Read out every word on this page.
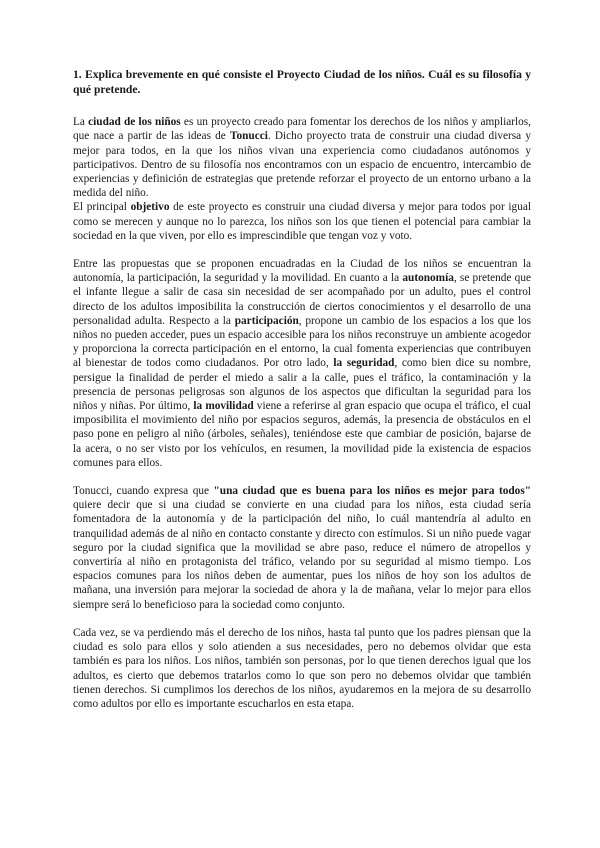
1. Explica brevemente en qué consiste el Proyecto Ciudad de los niños. Cuál es su filosofía y qué pretende.

La ciudad de los niños es un proyecto creado para fomentar los derechos de los niños y ampliarlos, que nace a partir de las ideas de Tonucci. Dicho proyecto trata de construir una ciudad diversa y mejor para todos, en la que los niños vivan una experiencia como ciudadanos autónomos y participativos. Dentro de su filosofía nos encontramos con un espacio de encuentro, intercambio de experiencias y definición de estrategias que pretende reforzar el proyecto de un entorno urbano a la medida del niño.

El principal objetivo de este proyecto es construir una ciudad diversa y mejor para todos por igual como se merecen y aunque no lo parezca, los niños son los que tienen el potencial para cambiar la sociedad en la que viven, por ello es imprescindible que tengan voz y voto.

Entre las propuestas que se proponen encuadradas en la Ciudad de los niños se encuentran la autonomía, la participación, la seguridad y la movilidad. En cuanto a la autonomía, se pretende que el infante llegue a salir de casa sin necesidad de ser acompañado por un adulto, pues el control directo de los adultos imposibilita la construcción de ciertos conocimientos y el desarrollo de una personalidad adulta. Respecto a la participación, propone un cambio de los espacios a los que los niños no pueden acceder, pues un espacio accesible para los niños reconstruye un ambiente acogedor y proporciona la correcta participación en el entorno, la cual fomenta experiencias que contribuyen al bienestar de todos como ciudadanos. Por otro lado, la seguridad, como bien dice su nombre, persigue la finalidad de perder el miedo a salir a la calle, pues el tráfico, la contaminación y la presencia de personas peligrosas son algunos de los aspectos que dificultan la seguridad para los niños y niñas. Por último, la movilidad viene a referirse al gran espacio que ocupa el tráfico, el cual imposibilita el movimiento del niño por espacios seguros, además, la presencia de obstáculos en el paso pone en peligro al niño (árboles, señales), teniéndose este que cambiar de posición, bajarse de la acera, o no ser visto por los vehículos, en resumen, la movilidad pide la existencia de espacios comunes para ellos.

Tonucci, cuando expresa que "una ciudad que es buena para los niños es mejor para todos" quiere decir que si una ciudad se convierte en una ciudad para los niños, esta ciudad sería fomentadora de la autonomía y de la participación del niño, lo cuál mantendría al adulto en tranquilidad además de al niño en contacto constante y directo con estímulos. Si un niño puede vagar seguro por la ciudad significa que la movilidad se abre paso, reduce el número de atropellos y convertiría al niño en protagonista del tráfico, velando por su seguridad al mismo tiempo. Los espacios comunes para los niños deben de aumentar, pues los niños de hoy son los adultos de mañana, una inversión para mejorar la sociedad de ahora y la de mañana, velar lo mejor para ellos siempre será lo beneficioso para la sociedad como conjunto.

Cada vez, se va perdiendo más el derecho de los niños, hasta tal punto que los padres piensan que la ciudad es solo para ellos y solo atienden a sus necesidades, pero no debemos olvidar que esta también es para los niños. Los niños, también son personas, por lo que tienen derechos igual que los adultos, es cierto que debemos tratarlos como lo que son pero no debemos olvidar que también tienen derechos. Si cumplimos los derechos de los niños, ayudaremos en la mejora de su desarrollo como adultos por ello es importante escucharlos en esta etapa.
